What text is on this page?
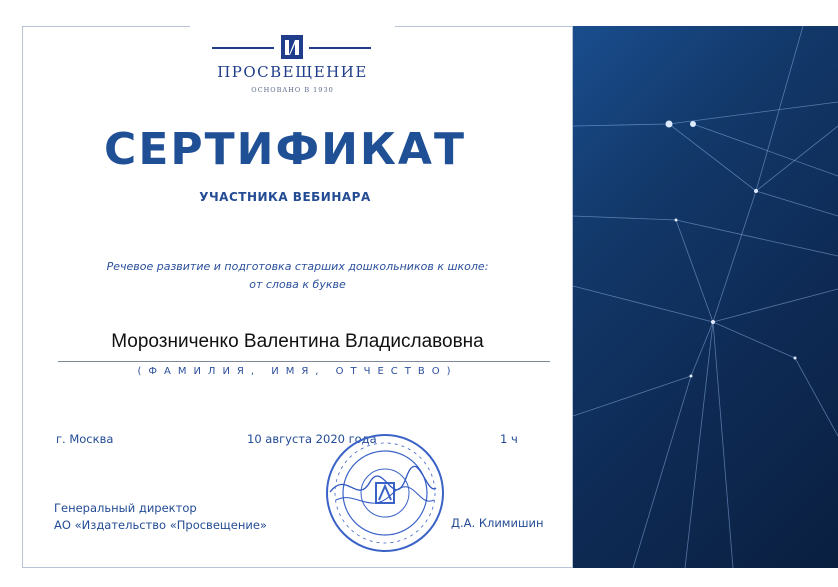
ПРОСВЕЩЕНИЕ
ОСНОВАНО В 1930
СЕРТИФИКАТ
УЧАСТНИКА ВЕБИНАРА
Речевое развитие и подготовка старших дошкольников к школе:
от слова к букве
Морозниченко Валентина Владиславовна
(ФАМИЛИЯ, ИМЯ, ОТЧЕСТВО)
г. Москва	10 августа 2020 года	1 ч
Генеральный директор
АО «Издательство «Просвещение»	Д.А. Климишин
